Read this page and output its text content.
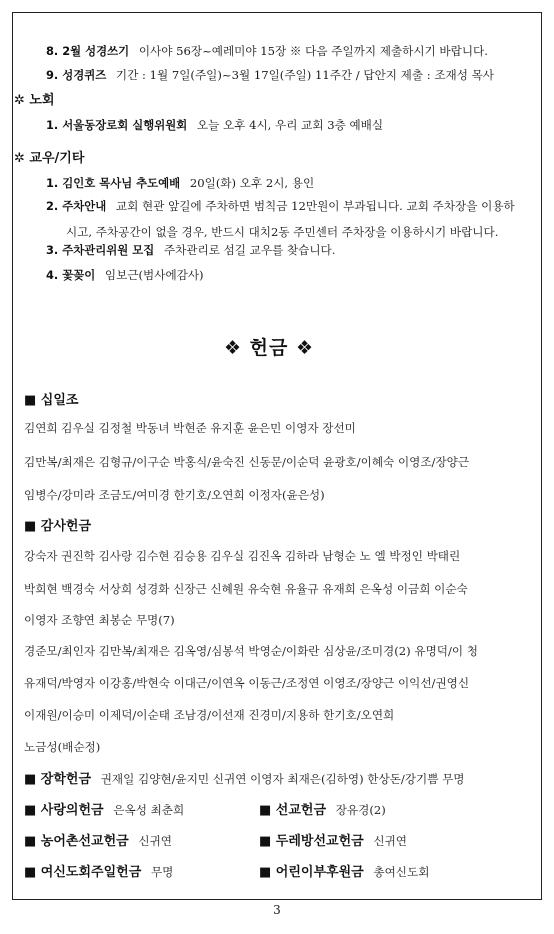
8. 2월 성경쓰기 이사야 56장~예레미야 15장 ※ 다음 주일까지 제출하시기 바랍니다.
9. 성경퀴즈 기간 : 1월 7일(주일)~3월 17일(주일) 11주간 / 답안지 제출 : 조재성 목사
✲ 노회
1. 서울동장로회 실행위원회 오늘 오후 4시, 우리 교회 3층 예배실
✲ 교우/기타
1. 김인호 목사님 추도예배 20일(화) 오후 2시, 용인
2. 주차안내 교회 현관 앞길에 주차하면 범칙금 12만원이 부과됩니다. 교회 주차장을 이용하시고, 주차공간이 없을 경우, 반드시 대치2동 주민센터 주차장을 이용하시기 바랍니다.
3. 주차관리위원 모집 주차관리로 섬길 교우를 찾습니다.
4. 꽃꽂이 임보근(범사에감사)
❖ 헌금 ❖
■ 십일조
김연희 김우실 김정철 박동녀 박현준 유지훈 윤은민 이영자 장선미
김만복/최재은 김형규/이구순 박홍식/윤숙진 신동문/이순덕 윤광호/이혜숙 이영조/장양근
임병수/강미라 조금도/여미경 한기호/오연희 이정자(윤은성)
■ 감사헌금
강숙자 권진학 김사랑 김수현 김승용 김우실 김진옥 김하라 남형순 노 엘 박정인 박태린
박희현 백경숙 서상희 성경화 신장근 신혜원 유숙현 유율규 유재희 은옥성 이금희 이순숙
이영자 조향연 최봉순 무명(7)
경준모/최인자 김만복/최재은 김옥영/심봉석 박영순/이화란 심상윤/조미경(2) 유명덕/이 청
유재덕/박영자 이강홍/박현숙 이대근/이연옥 이동근/조정연 이영조/장양근 이익선/권영신
이재원/이승미 이제덕/이순태 조남경/이선재 진경미/지용하 한기호/오연희
노금성(배순정)
■ 장학헌금 권재일 김양현/윤지민 신귀연 이영자 최재은(김하영) 한상돈/강기쁨 무명
■ 사랑의헌금 은옥성 최춘희	■ 선교헌금 장유경(2)
■ 농어촌선교헌금 신귀연	■ 두레방선교헌금 신귀연
■ 여신도회주일헌금 무명	■ 어린이부후원금 총여신도회
3
